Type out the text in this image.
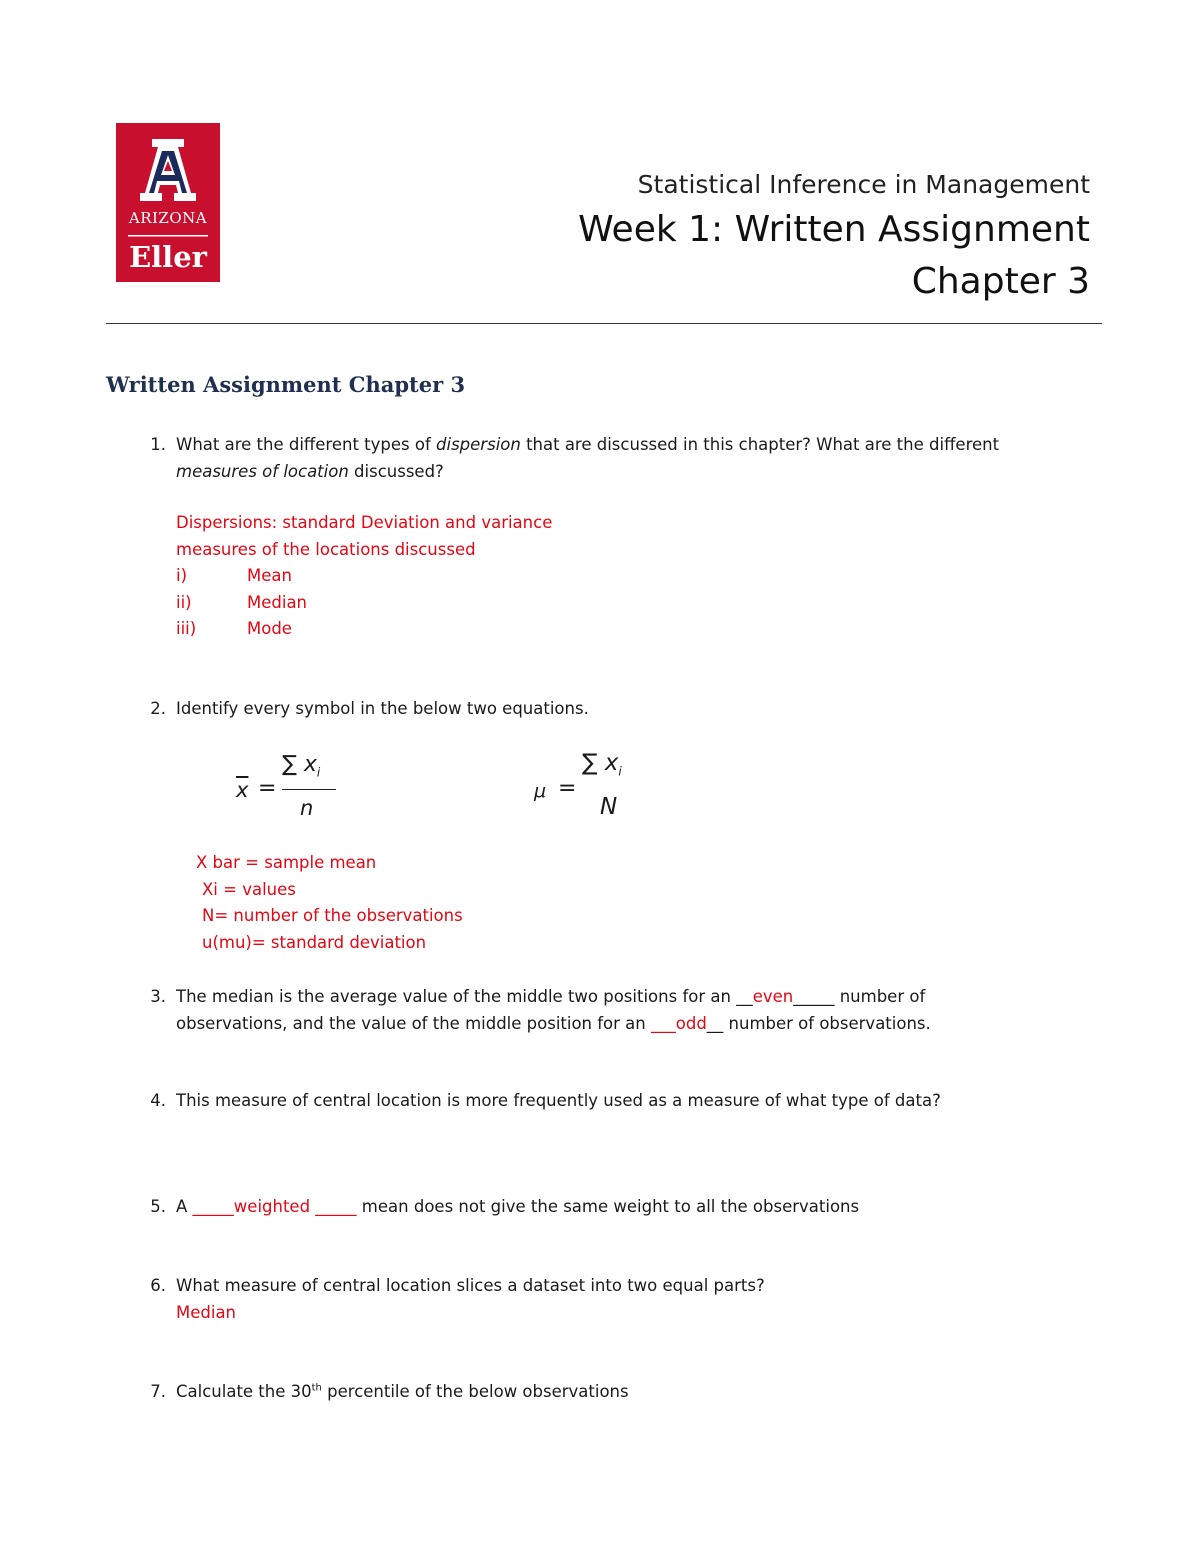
ARIZONA
Eller
Statistical Inference in Management
Week 1: Written Assignment
Chapter 3
Written Assignment Chapter 3
1. What are the different types of dispersion that are discussed in this chapter? What are the different
measures of location discussed?
Dispersions: standard Deviation and variance
measures of the locations discussed
i)	Mean
ii)	Median
iii)	Mode
2. Identify every symbol in the below two equations.
$\overline{x}$ =
∑ $x_i$
n
μ =
∑ $x_i$
N
X bar = sample mean
Xi = values
N= number of the observations
u(mu)= standard deviation
3. The median is the average value of the middle two positions for an __even_____ number of
observations, and the value of the middle position for an ___odd__ number of observations.
4. This measure of central location is more frequently used as a measure of what type of data?
5. A _____weighted _____ mean does not give the same weight to all the observations
6. What measure of central location slices a dataset into two equal parts?
Median
7. Calculate the 30th percentile of the below observations
